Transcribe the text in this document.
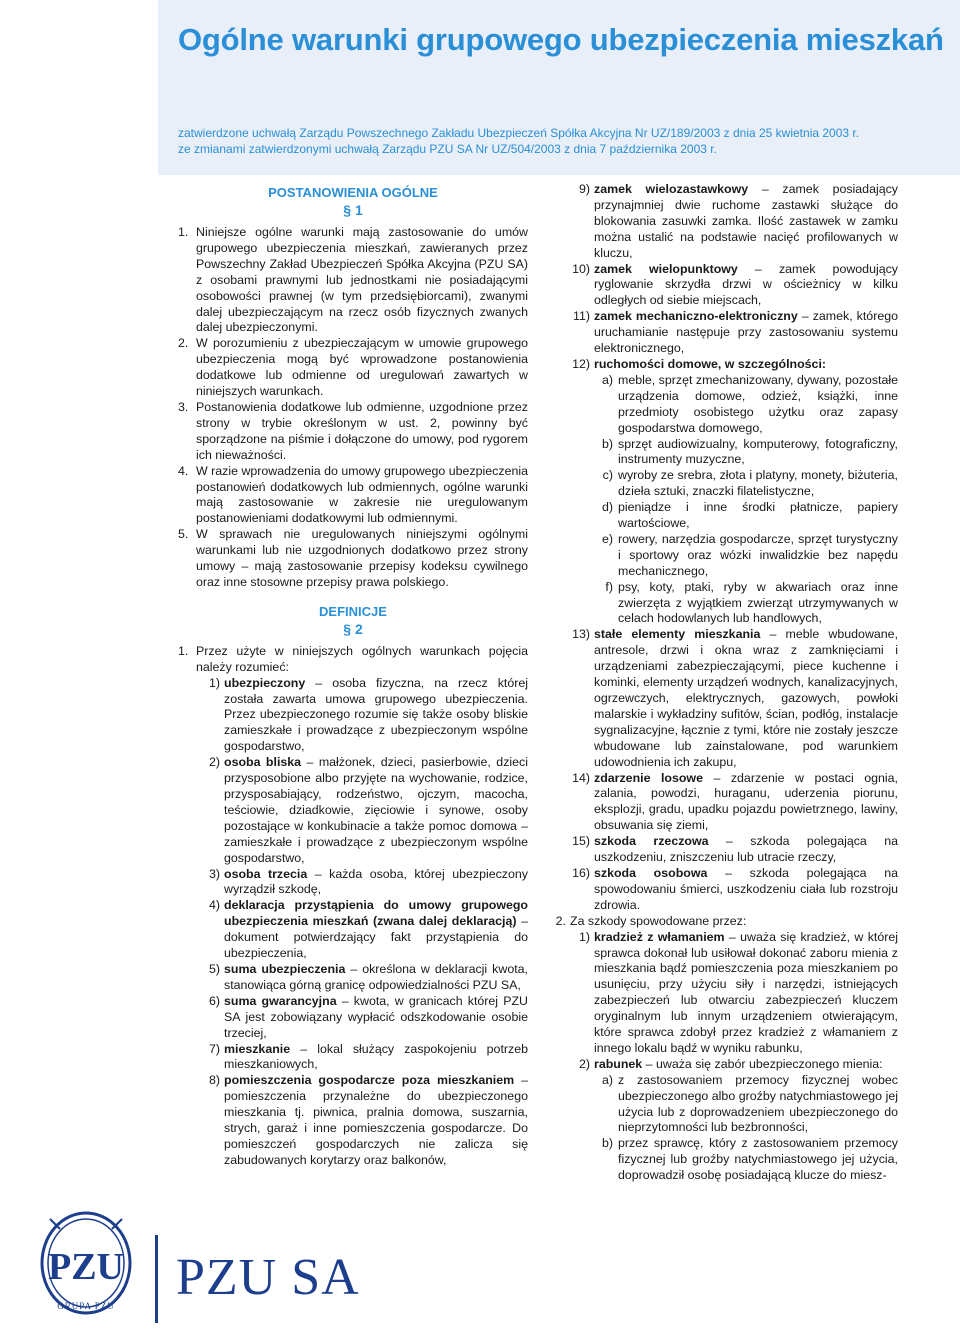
Ogólne warunki grupowego ubezpieczenia mieszkań
zatwierdzone uchwałą Zarządu Powszechnego Zakładu Ubezpieczeń Spółka Akcyjna Nr UZ/189/2003 z dnia 25 kwietnia 2003 r.
ze zmianami zatwierdzonymi uchwałą Zarządu PZU SA Nr UZ/504/2003 z dnia 7 października 2003 r.
POSTANOWIENIA OGÓLNE
§ 1
1. Niniejsze ogólne warunki mają zastosowanie do umów grupowego ubezpieczenia mieszkań, zawieranych przez Powszechny Zakład Ubezpieczeń Spółka Akcyjna (PZU SA) z osobami prawnymi lub jednostkami nie posiadającymi osobowości prawnej (w tym przedsiębiorcami), zwanymi dalej ubezpieczającym na rzecz osób fizycznych zwanych dalej ubezpieczonymi.
2. W porozumieniu z ubezpieczającym w umowie grupowego ubezpieczenia mogą być wprowadzone postanowienia dodatkowe lub odmienne od uregulowań zawartych w niniejszych warunkach.
3. Postanowienia dodatkowe lub odmienne, uzgodnione przez strony w trybie określonym w ust. 2, powinny być sporządzone na piśmie i dołączone do umowy, pod rygorem ich nieważności.
4. W razie wprowadzenia do umowy grupowego ubezpieczenia postanowień dodatkowych lub odmiennych, ogólne warunki mają zastosowanie w zakresie nie uregulowanym postanowieniami dodatkowymi lub odmiennymi.
5. W sprawach nie uregulowanych niniejszymi ogólnymi warunkami lub nie uzgodnionych dodatkowo przez strony umowy – mają zastosowanie przepisy kodeksu cywilnego oraz inne stosowne przepisy prawa polskiego.
DEFINICJE
§ 2
1. Przez użyte w niniejszych ogólnych warunkach pojęcia należy rozumieć:
1) ubezpieczony – osoba fizyczna, na rzecz której została zawarta umowa grupowego ubezpieczenia. Przez ubezpieczonego rozumie się także osoby bliskie zamieszkałe i prowadzące z ubezpieczonym wspólne gospodarstwo,
2) osoba bliska – małżonek, dzieci, pasierbowie, dzieci przysposobione albo przyjęte na wychowanie, rodzice, przysposabiający, rodzeństwo, ojczym, macocha, teściowie, dziadkowie, zięciowie i synowe, osoby pozostające w konkubinacie a także pomoc domowa – zamieszkałe i prowadzące z ubezpieczonym wspólne gospodarstwo,
3) osoba trzecia – każda osoba, której ubezpieczony wyrządził szkodę,
4) deklaracja przystąpienia do umowy grupowego ubezpieczenia mieszkań (zwana dalej deklaracją) – dokument potwierdzający fakt przystąpienia do ubezpieczenia,
5) suma ubezpieczenia – określona w deklaracji kwota, stanowiąca górną granicę odpowiedzialności PZU SA,
6) suma gwarancyjna – kwota, w granicach której PZU SA jest zobowiązany wypłacić odszkodowanie osobie trzeciej,
7) mieszkanie – lokal służący zaspokojeniu potrzeb mieszkaniowych,
8) pomieszczenia gospodarcze poza mieszkaniem – pomieszczenia przynależne do ubezpieczonego mieszkania tj. piwnica, pralnia domowa, suszarnia, strych, garaż i inne pomieszczenia gospodarcze. Do pomieszczeń gospodarczych nie zalicza się zabudowanych korytarzy oraz balkonów,
9) zamek wielozastawkowy – zamek posiadający przynajmniej dwie ruchome zastawki służące do blokowania zasuwki zamka. Ilość zastawek w zamku można ustalić na podstawie nacięć profilowanych w kluczu,
10) zamek wielopunktowy – zamek powodujący ryglowanie skrzydła drzwi w ościeżnicy w kilku odległych od siebie miejscach,
11) zamek mechaniczno-elektroniczny – zamek, którego uruchamianie następuje przy zastosowaniu systemu elektronicznego,
12) ruchomości domowe, w szczególności:
a) meble, sprzęt zmechanizowany, dywany, pozostałe urządzenia domowe, odzież, książki, inne przedmioty osobistego użytku oraz zapasy gospodarstwa domowego,
b) sprzęt audiowizualny, komputerowy, fotograficzny, instrumenty muzyczne,
c) wyroby ze srebra, złota i platyny, monety, biżuteria, dzieła sztuki, znaczki filatelistyczne,
d) pieniądze i inne środki płatnicze, papiery wartościowe,
e) rowery, narzędzia gospodarcze, sprzęt turystyczny i sportowy oraz wózki inwalidzkie bez napędu mechanicznego,
f) psy, koty, ptaki, ryby w akwariach oraz inne zwierzęta z wyjątkiem zwierząt utrzymywanych w celach hodowlanych lub handlowych,
13) stałe elementy mieszkania – meble wbudowane, antresole, drzwi i okna wraz z zamknięciami i urządzeniami zabezpieczającymi, piece kuchenne i kominki, elementy urządzeń wodnych, kanalizacyjnych, ogrzewczych, elektrycznych, gazowych, powłoki malarskie i wykładziny sufitów, ścian, podłóg, instalacje sygnalizacyjne, łącznie z tymi, które nie zostały jeszcze wbudowane lub zainstalowane, pod warunkiem udowodnienia ich zakupu,
14) zdarzenie losowe – zdarzenie w postaci ognia, zalania, powodzi, huraganu, uderzenia piorunu, eksplozji, gradu, upadku pojazdu powietrznego, lawiny, obsuwania się ziemi,
15) szkoda rzeczowa – szkoda polegająca na uszkodzeniu, zniszczeniu lub utracie rzeczy,
16) szkoda osobowa – szkoda polegająca na spowodowaniu śmierci, uszkodzeniu ciała lub rozstroju zdrowia.
2. Za szkody spowodowane przez:
1) kradzież z włamaniem – uważa się kradzież, w której sprawca dokonał lub usiłował dokonać zaboru mienia z mieszkania bądź pomieszczenia poza mieszkaniem po usunięciu, przy użyciu siły i narzędzi, istniejących zabezpieczeń lub otwarciu zabezpieczeń kluczem oryginalnym lub innym urządzeniem otwierającym, które sprawca zdobył przez kradzież z włamaniem z innego lokalu bądź w wyniku rabunku,
2) rabunek – uważa się zabór ubezpieczonego mienia:
a) z zastosowaniem przemocy fizycznej wobec ubezpieczonego albo groźby natychmiastowego jej użycia lub z doprowadzeniem ubezpieczonego do nieprzytomności lub bezbronności,
b) przez sprawcę, który z zastosowaniem przemocy fizycznej lub groźby natychmiastowego jej użycia, doprowadził osobę posiadającą klucze do miesz-
PZU
GRUPA PZU PZU SA
